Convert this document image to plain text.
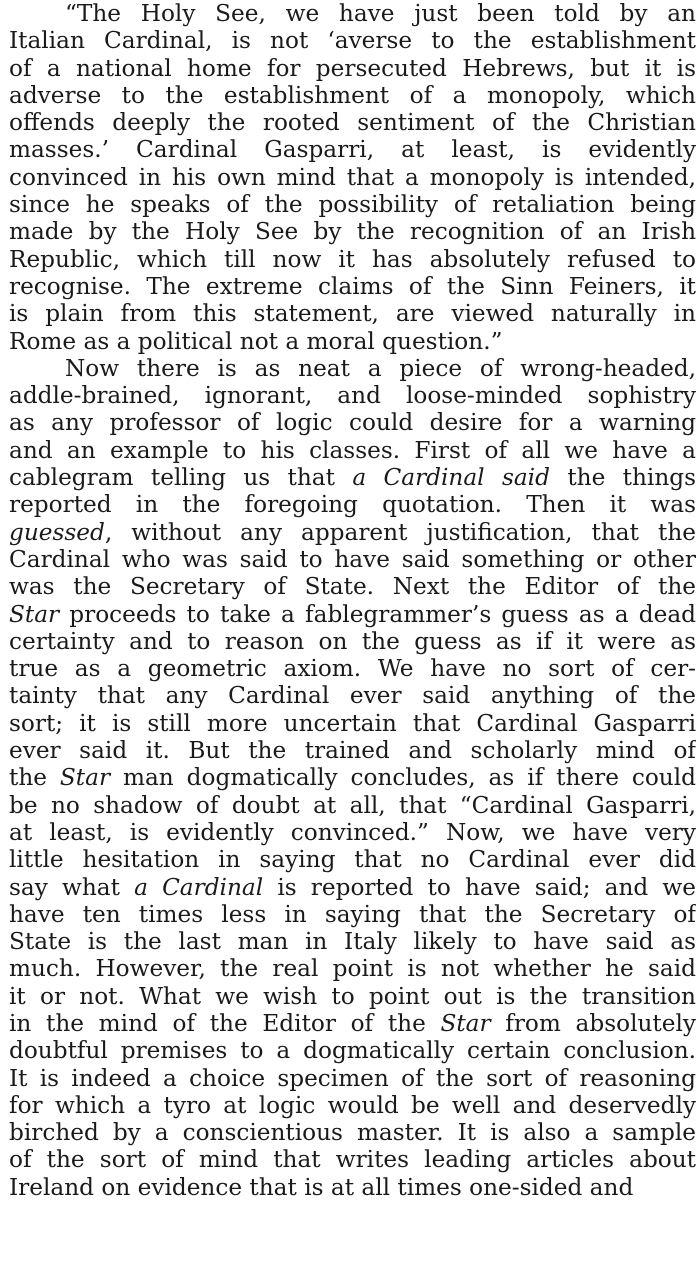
“The Holy See, we have just been told by an
Italian Cardinal, is not ‘averse to the establishment
of a national home for persecuted Hebrews, but it is
adverse to the establishment of a monopoly, which
offends deeply the rooted sentiment of the Christian
masses.’ Cardinal Gasparri, at least, is evidently
convinced in his own mind that a monopoly is intended,
since he speaks of the possibility of retaliation being
made by the Holy See by the recognition of an Irish
Republic, which till now it has absolutely refused to
recognise. The extreme claims of the Sinn Feiners, it
is plain from this statement, are viewed naturally in
Rome as a political not a moral question.”
Now there is as neat a piece of wrong-headed,
addle-brained, ignorant, and loose-minded sophistry
as any professor of logic could desire for a warning
and an example to his classes. First of all we have a
cablegram telling us that a Cardinal said the things
reported in the foregoing quotation. Then it was
guessed, without any apparent justification, that the
Cardinal who was said to have said something or other
was the Secretary of State. Next the Editor of the
Star proceeds to take a fablegrammer’s guess as a dead
certainty and to reason on the guess as if it were as
true as a geometric axiom. We have no sort of cer-
tainty that any Cardinal ever said anything of the
sort; it is still more uncertain that Cardinal Gasparri
ever said it. But the trained and scholarly mind of
the Star man dogmatically concludes, as if there could
be no shadow of doubt at all, that “Cardinal Gasparri,
at least, is evidently convinced.” Now, we have very
little hesitation in saying that no Cardinal ever did
say what a Cardinal is reported to have said; and we
have ten times less in saying that the Secretary of
State is the last man in Italy likely to have said as
much. However, the real point is not whether he said
it or not. What we wish to point out is the transition
in the mind of the Editor of the Star from absolutely
doubtful premises to a dogmatically certain conclusion.
It is indeed a choice specimen of the sort of reasoning
for which a tyro at logic would be well and deservedly
birched by a conscientious master. It is also a sample
of the sort of mind that writes leading articles about
Ireland on evidence that is at all times one-sided and
